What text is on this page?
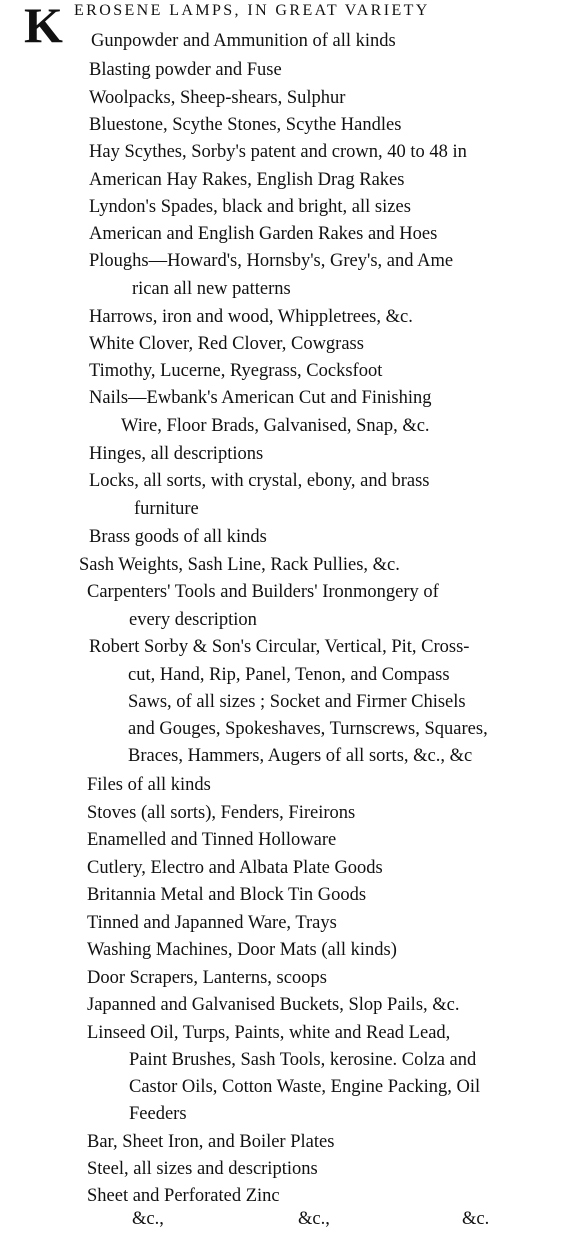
K EROSENE LAMPS, IN GREAT VARIETY
Gunpowder and Ammunition of all kinds
Blasting powder and Fuse
Woolpacks, Sheep-shears, Sulphur
Bluestone, Scythe Stones, Scythe Handles
Hay Scythes, Sorby's patent and crown, 40 to 48 in
American Hay Rakes, English Drag Rakes
Lyndon's Spades, black and bright, all sizes
American and English Garden Rakes and Hoes
Ploughs—Howard's, Hornsby's, Grey's, and Ame
rican all new patterns
Harrows, iron and wood, Whippletrees, &c.
White Clover, Red Clover, Cowgrass
Timothy, Lucerne, Ryegrass, Cocksfoot
Nails—Ewbank's American Cut and Finishing
Wire, Floor Brads, Galvanised, Snap, &c.
Hinges, all descriptions
Locks, all sorts, with crystal, ebony, and brass
furniture
Brass goods of all kinds
Sash Weights, Sash Line, Rack Pullies, &c.
Carpenters' Tools and Builders' Ironmongery of
every description
Robert Sorby & Son's Circular, Vertical, Pit, Cross-
cut, Hand, Rip, Panel, Tenon, and Compass
Saws, of all sizes ; Socket and Firmer Chisels
and Gouges, Spokeshaves, Turnscrews, Squares,
Braces, Hammers, Augers of all sorts, &c., &c
Files of all kinds
Stoves (all sorts), Fenders, Fireirons
Enamelled and Tinned Holloware
Cutlery, Electro and Albata Plate Goods
Britannia Metal and Block Tin Goods
Tinned and Japanned Ware, Trays
Washing Machines, Door Mats (all kinds)
Door Scrapers, Lanterns, scoops
Japanned and Galvanised Buckets, Slop Pails, &c.
Linseed Oil, Turps, Paints, white and Read Lead,
Paint Brushes, Sash Tools, kerosine. Colza and
Castor Oils, Cotton Waste, Engine Packing, Oil
Feeders
Bar, Sheet Iron, and Boiler Plates
Steel, all sizes and descriptions
Sheet and Perforated Zinc
&c.,	&c.,	&c.
